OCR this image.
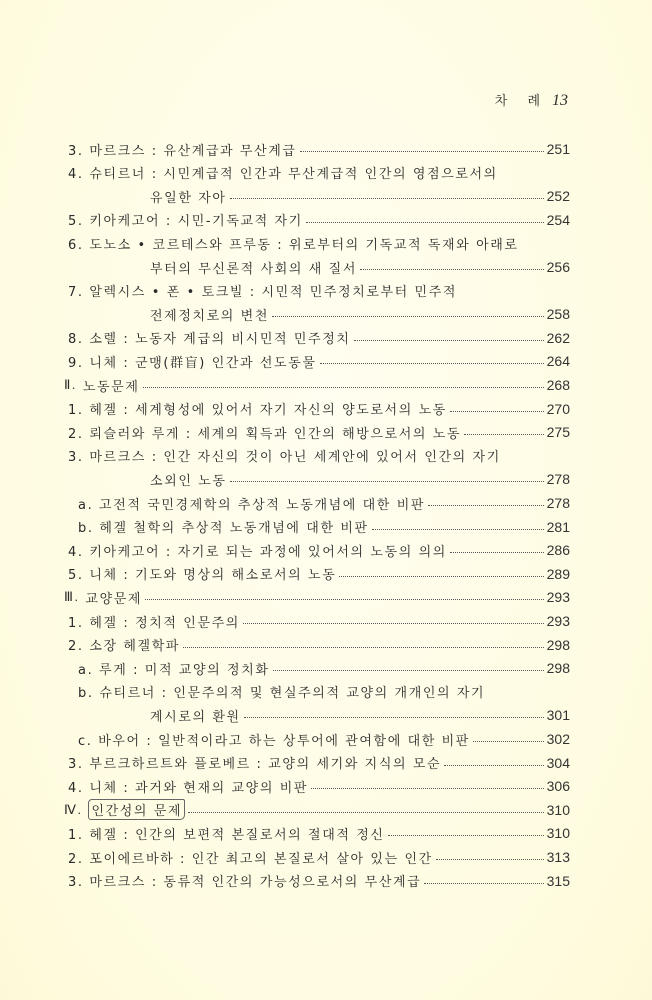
차 례 13
3. 마르크스 : 유산계급과 무산계급	251
4. 슈티르너 : 시민계급적 인간과 무산계급적 인간의 영점으로서의
유일한 자아	252
5. 키아케고어 : 시민-기독교적 자기	254
6. 도노소 • 코르테스와 프루동 : 위로부터의 기독교적 독재와 아래로
부터의 무신론적 사회의 새 질서	256
7. 알렉시스 • 폰 • 토크빌 : 시민적 민주정치로부터 민주적
전제정치로의 변천	258
8. 소렐 : 노동자 계급의 비시민적 민주정치	262
9. 니체 : 군맹(群盲) 인간과 선도동물	264
Ⅱ. 노동문제	268
1. 헤겔 : 세계형성에 있어서 자기 자신의 양도로서의 노동	270
2. 뢰슬러와 루게 : 세계의 획득과 인간의 해방으로서의 노동	275
3. 마르크스 : 인간 자신의 것이 아닌 세계안에 있어서 인간의 자기
소외인 노동	278
a. 고전적 국민경제학의 추상적 노동개념에 대한 비판	278
b. 헤겔 철학의 추상적 노동개념에 대한 비판	281
4. 키아케고어 : 자기로 되는 과정에 있어서의 노동의 의의	286
5. 니체 : 기도와 명상의 해소로서의 노동	289
Ⅲ. 교양문제	293
1. 헤겔 : 정치적 인문주의	293
2. 소장 헤겔학파	298
a. 루게 : 미적 교양의 정치화	298
b. 슈티르너 : 인문주의적 및 현실주의적 교양의 개개인의 자기
계시로의 환원	301
c. 바우어 : 일반적이라고 하는 상투어에 관여함에 대한 비판	302
3. 부르크하르트와 플로베르 : 교양의 세기와 지식의 모순	304
4. 니체 : 과거와 현재의 교양의 비판	306
Ⅳ. 인간성의 문제	310
1. 헤겔 : 인간의 보편적 본질로서의 절대적 정신	310
2. 포이에르바하 : 인간 최고의 본질로서 살아 있는 인간	313
3. 마르크스 : 동류적 인간의 가능성으로서의 무산계급	315
